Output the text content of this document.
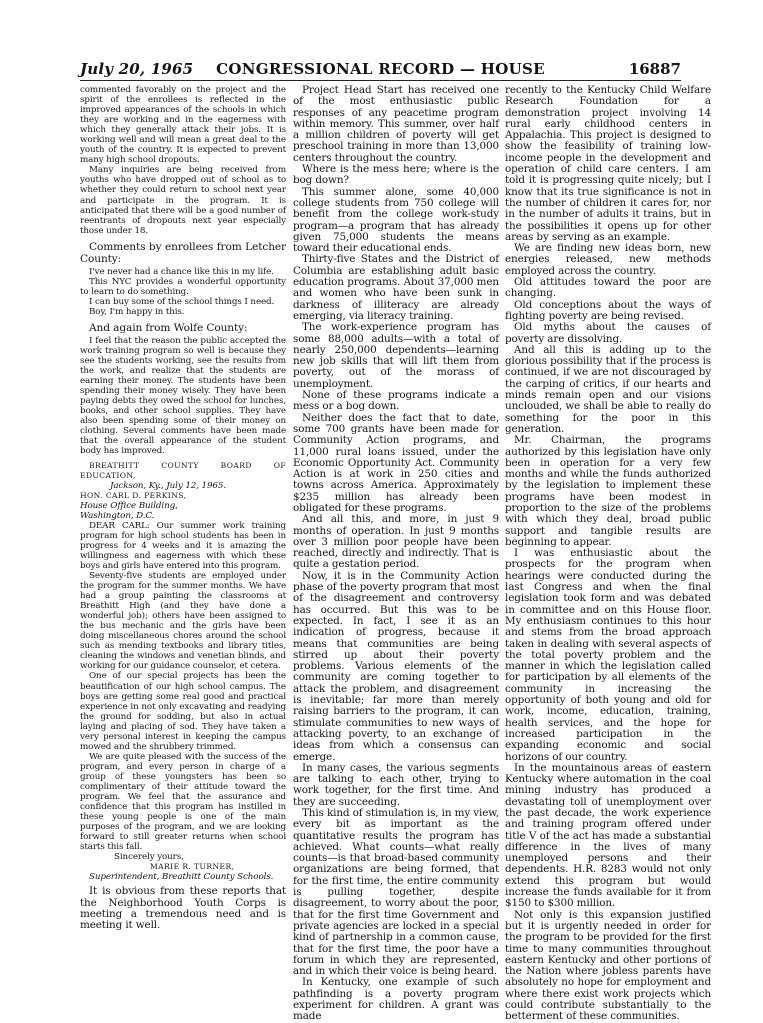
July 20, 1965	CONGRESSIONAL RECORD — HOUSE	16887

commented favorably on the project and the spirit of the enrollees is reflected in the improved appearances of the schools in which they are working and in the eagerness with which they generally attack their jobs. It is working well and will mean a great deal to the youth of the country. It is expected to prevent many high school dropouts.

Many inquiries are being received from youths who have dropped out of school as to whether they could return to school next year and participate in the program. It is anticipated that there will be a good number of reentrants of dropouts next year especially those under 18.

Comments by enrollees from Letcher County:

I've never had a chance like this in my life.

This NYC provides a wonderful opportunity to learn to do something.

I can buy some of the school things I need.

Boy, I'm happy in this.

And again from Wolfe County:

I feel that the reason the public accepted the work training program so well is because they see the students working, see the results from the work, and realize that the students are earning their money. The students have been spending their money wisely. They have been paying debts they owed the school for lunches, books, and other school supplies. They have also been spending some of their money on clothing. Several comments have been made that the overall appearance of the student body has improved.

BREATHITT COUNTY BOARD OF EDUCATION,

Jackson, Ky., July 12, 1965.

HON. CARL D. PERKINS,

House Office Building,

Washington, D.C.

DEAR CARL: Our summer work training program for high school students has been in progress for 4 weeks and it is amazing the willingness and eagerness with which these boys and girls have entered into this program.

Seventy-five students are employed under the program for the summer months. We have had a group painting the classrooms at Breathitt High (and they have done a wonderful job); others have been assigned to the bus mechanic and the girls have been doing miscellaneous chores around the school such as mending textbooks and library titles, cleaning the windows and venetian blinds, and working for our guidance counselor, et cetera.

One of our special projects has been the beautification of our high school campus. The boys are getting some real good and practical experience in not only excavating and readying the ground for sodding, but also in actual laying and placing of sod. They have taken a very personal interest in keeping the campus mowed and the shrubbery trimmed.

We are quite pleased with the success of the program, and every person in charge of a group of these youngsters has been so complimentary of their attitude toward the program. We feel that the assurance and confidence that this program has instilled in these young people is one of the main purposes of the program, and we are looking forward to still greater returns when school starts this fall.

Sincerely yours,

MARIE R. TURNER,

Superintendent, Breathitt County Schools.

It is obvious from these reports that the Neighborhood Youth Corps is meeting a tremendous need and is meeting it well.

Project Head Start has received one of the most enthusiastic public responses of any peacetime program within memory. This summer, over half a million children of poverty will get preschool training in more than 13,000 centers throughout the country.

Where is the mess here; where is the bog down?

This summer alone, some 40,000 college students from 750 college will benefit from the college work-study program—a program that has already given 75,000 students the means toward their educational ends.

Thirty-five States and the District of Columbia are establishing adult basic education programs. About 37,000 men and women who have been sunk in darkness of illiteracy are already emerging, via literacy training.

The work-experience program has some 88,000 adults—with a total of nearly 250,000 dependents—learning new job skills that will lift them from poverty, out of the morass of unemployment.

None of these programs indicate a mess or a bog down.

Neither does the fact that to date, some 700 grants have been made for Community Action programs, and 11,000 rural loans issued, under the Economic Opportunity Act. Community Action is at work in 250 cities and towns across America. Approximately $235 million has already been obligated for these programs.

And all this, and more, in just 9 months of operation. In just 9 months over 3 million poor people have been reached, directly and indirectly. That is quite a gestation period.

Now, it is in the Community Action phase of the poverty program that most of the disagreement and controversy has occurred. But this was to be expected. In fact, I see it as an indication of progress, because it means that communities are being stirred up about their poverty problems. Various elements of the community are coming together to attack the problem, and disagreement is inevitable; far more than merely raising barriers to the program, it can stimulate communities to new ways of attacking poverty, to an exchange of ideas from which a consensus can emerge.

In many cases, the various segments are talking to each other, trying to work together, for the first time. And they are succeeding.

This kind of stimulation is, in my view, every bit as important as the quantitative results the program has achieved. What counts—what really counts—is that broad-based community organizations are being formed, that for the first time, the entire community is pulling together, despite disagreement, to worry about the poor, that for the first time Government and private agencies are locked in a special kind of partnership in a common cause, that for the first time, the poor have a forum in which they are represented, and in which their voice is being heard.

In Kentucky, one example of such pathfinding is a poverty program experiment for children. A grant was made

recently to the Kentucky Child Welfare Research Foundation for a demonstration project involving 14 rural early childhood centers in Appalachia. This project is designed to show the feasibility of training low-income people in the development and operation of child care centers. I am told it is progressing quite nicely; but I know that its true significance is not in the number of children it cares for, nor in the number of adults it trains, but in the possibilities it opens up for other areas by serving as an example.

We are finding new ideas born, new energies released, new methods employed across the country.

Old attitudes toward the poor are changing.

Old conceptions about the ways of fighting poverty are being revised.

Old myths about the causes of poverty are dissolving.

And all this is adding up to the glorious possibility that if the process is continued, if we are not discouraged by the carping of critics, if our hearts and minds remain open and our visions unclouded, we shall be able to really do something for the poor in this generation.

Mr. Chairman, the programs authorized by this legislation have only been in operation for a very few months and while the funds authorized by the legislation to implement these programs have been modest in proportion to the size of the problems with which they deal, broad public support and tangible results are beginning to appear.

I was enthusiastic about the prospects for the program when hearings were conducted during the last Congress and when the final legislation took form and was debated in committee and on this House floor. My enthusiasm continues to this hour and stems from the broad approach taken in dealing with several aspects of the total poverty problem and the manner in which the legislation called for participation by all elements of the community in increasing the opportunity of both young and old for work, income, education, training, health services, and the hope for increased participation in the expanding economic and social horizons of our country.

In the mountainous areas of eastern Kentucky where automation in the coal mining industry has produced a devastating toll of unemployment over the past decade, the work experience and training program offered under title V of the act has made a substantial difference in the lives of many unemployed persons and their dependents. H.R. 8283 would not only extend this program but would increase the funds available for it from $150 to $300 million.

Not only is this expansion justified but it is urgently needed in order for the program to be provided for the first time to many communities throughout eastern Kentucky and other portions of the Nation where jobless parents have absolutely no hope for employment and where there exist work projects which could contribute substantially to the betterment of these communities.
